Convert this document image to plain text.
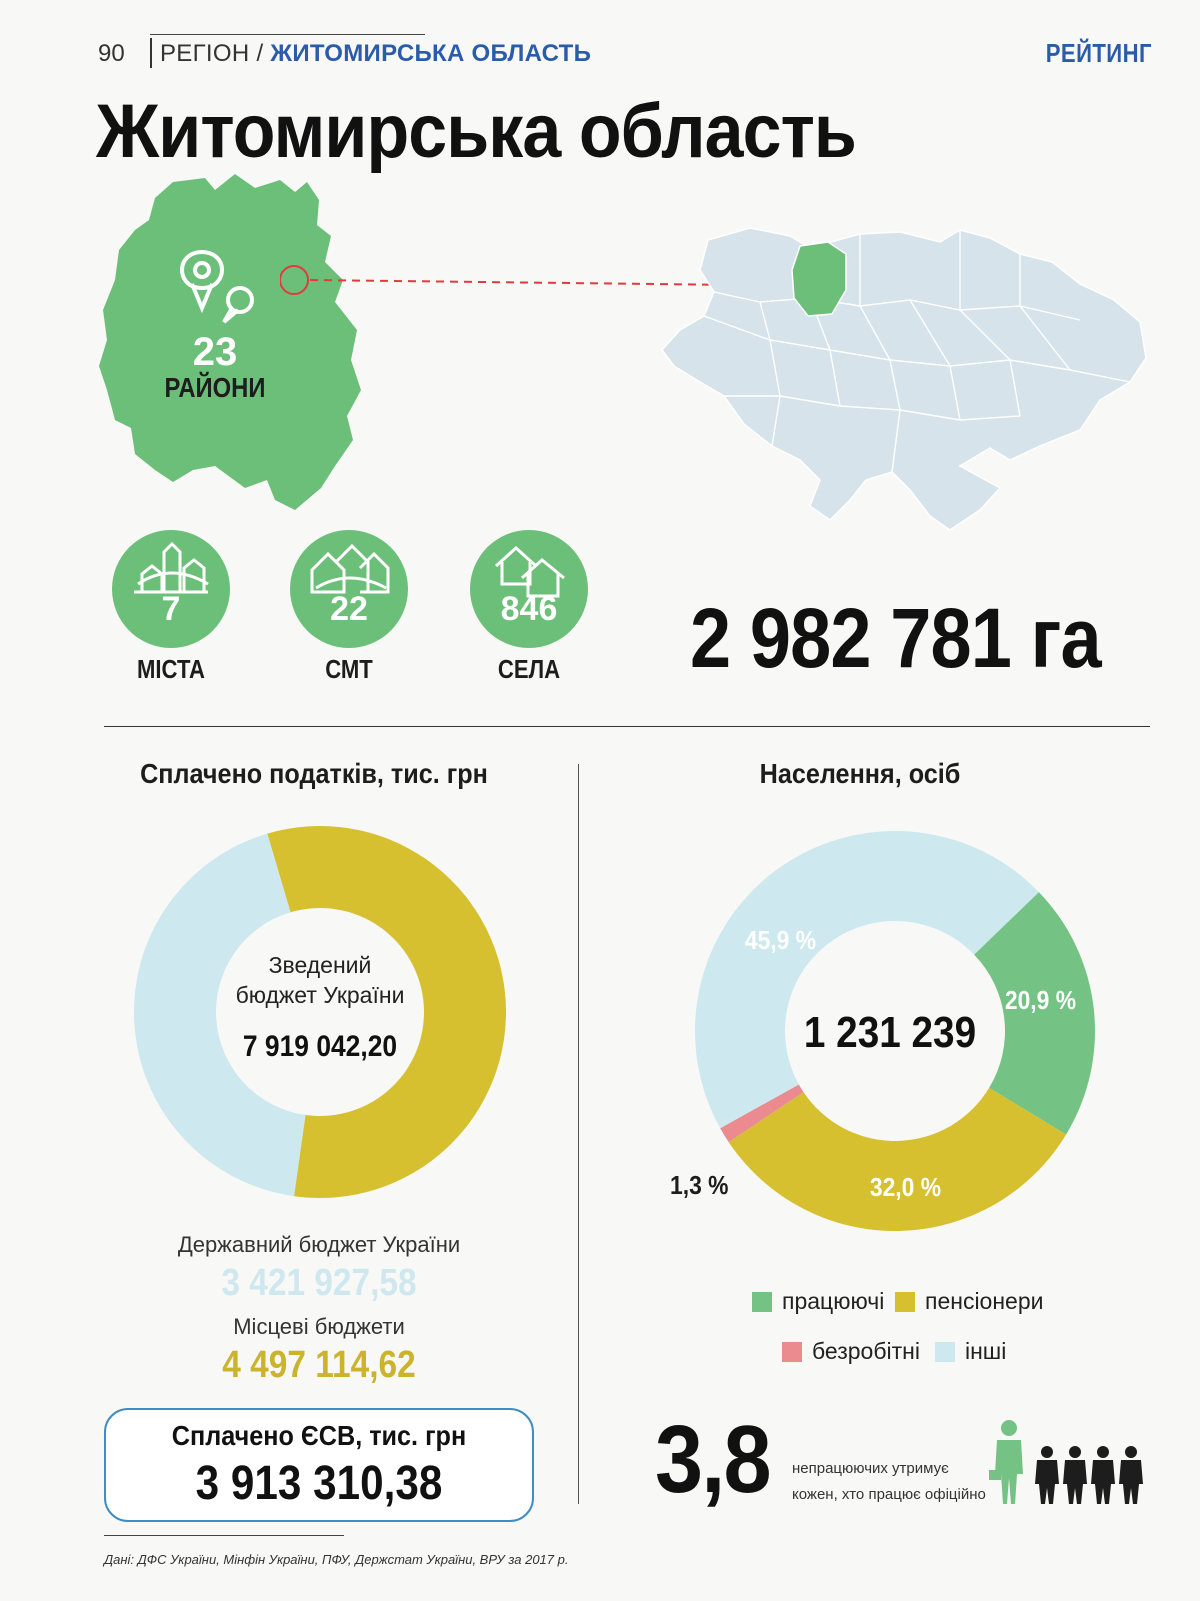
90 РЕГІОН / ЖИТОМИРСЬКА ОБЛАСТЬ	РЕЙТИНГ
Житомирська область
23
РАЙОНИ
7
МІСТА
22
СМТ
846
СЕЛА	2 982 781 га
Сплачено податків, тис. грн
Зведений
бюджет України
7 919 042,20
Державний бюджет України
3 421 927,58
Місцеві бюджети
4 497 114,62
Сплачено ЄСВ, тис. грн
3 913 310,38
Населення, осіб
1 231 239
45,9 %
20,9 %
32,0 %
1,3 %
працюючі пенсіонери
безробітні інші
3,8 непрацюючих утримує
кожен, хто працює офіційно
Дані: ДФС України, Мінфін України, ПФУ, Держстат України, ВРУ за 2017 р.
